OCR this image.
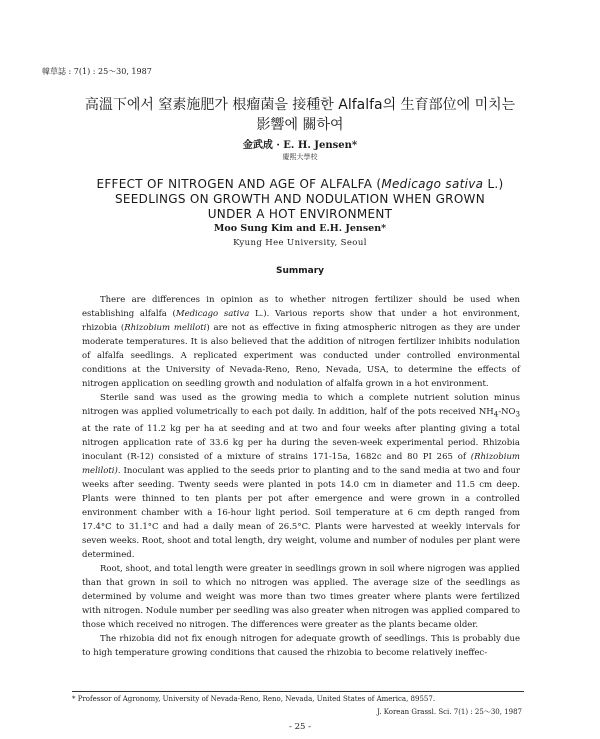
韓草誌 : 7(1) : 25〜30, 1987
高溫下에서 窒素施肥가 根瘤菌을 接種한 Alfalfa의 生育部位에 미치는
影響에 關하여
金武成 · E. H. Jensen*
慶熙大學校
EFFECT OF NITROGEN AND AGE OF ALFALFA (Medicago sativa L.)
SEEDLINGS ON GROWTH AND NODULATION WHEN GROWN
UNDER A HOT ENVIRONMENT
Moo Sung Kim and E.H. Jensen*
Kyung Hee University, Seoul
Summary

There are differences in opinion as to whether nitrogen fertilizer should be used when establishing alfalfa (Medicago sativa L.). Various reports show that under a hot environment, rhizobia (Rhizobium meliloti) are not as effective in fixing atmospheric nitrogen as they are under moderate temperatures. It is also believed that the addition of nitrogen fertilizer inhibits nodulation of alfalfa seedlings. A replicated experiment was conducted under controlled environmental conditions at the University of Nevada-Reno, Reno, Nevada, USA, to determine the effects of nitrogen application on seedling growth and nodulation of alfalfa grown in a hot environment.

Sterile sand was used as the growing media to which a complete nutrient solution minus nitrogen was applied volumetrically to each pot daily. In addition, half of the pots received $NH_4-NO_3$ at the rate of 11.2 kg per ha at seeding and at two and four weeks after planting giving a total nitrogen application rate of 33.6 kg per ha during the seven-week experimental period. Rhizobia inoculant (R-12) consisted of a mixture of strains 171-15a, 1682c and 80 PI 265 of (Rhizobium meliloti). Inoculant was applied to the seeds prior to planting and to the sand media at two and four weeks after seeding. Twenty seeds were planted in pots 14.0 cm in diameter and 11.5 cm deep. Plants were thinned to ten plants per pot after emergence and were grown in a controlled environment chamber with a 16-hour light period. Soil temperature at 6 cm depth ranged from 17.4°C to 31.1°C and had a daily mean of 26.5°C. Plants were harvested at weekly intervals for seven weeks. Root, shoot and total length, dry weight, volume and number of nodules per plant were determined.

Root, shoot, and total length were greater in seedlings grown in soil where nigrogen was applied than that grown in soil to which no nitrogen was applied. The average size of the seedlings as determined by volume and weight was more than two times greater where plants were fertilized with nitrogen. Nodule number per seedling was also greater when nitrogen was applied compared to those which received no nitrogen. The differences were greater as the plants became older.

The rhizobia did not fix enough nitrogen for adequate growth of seedlings. This is probably due to high temperature growing conditions that caused the rhizobia to become relatively ineffec-

* Professor of Agronomy, University of Nevada-Reno, Reno, Nevada, United States of America, 89557.
J. Korean Grassl. Sci. 7(1) : 25〜30, 1987
- 25 -
